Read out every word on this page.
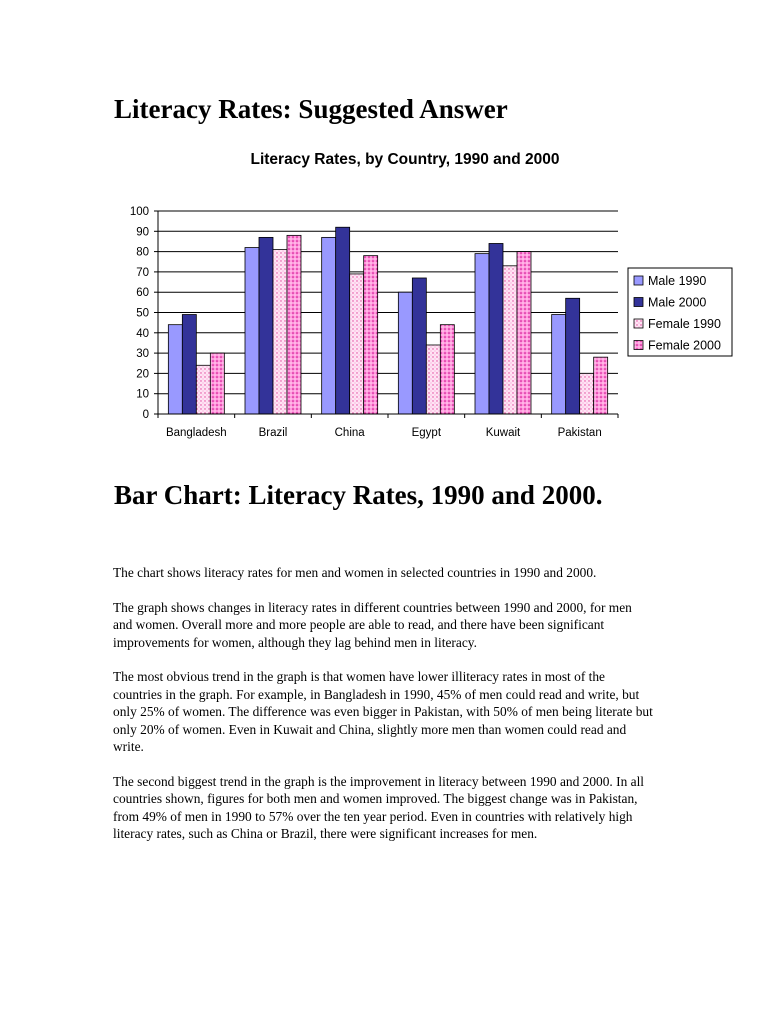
Literacy Rates: Suggested Answer
Literacy Rates, by Country, 1990 and 2000
0
10
20
30
40
50
60
70
80
90
100
Bangladesh	Brazil	China	Egypt	Kuwait	Pakistan
Male 1990
Male 2000
Female 1990
Female 2000
Bar Chart: Literacy Rates, 1990 and 2000.

The chart shows literacy rates for men and women in selected countries in 1990 and 2000.

The graph shows changes in literacy rates in different countries between 1990 and 2000, for men and women. Overall more and more people are able to read, and there have been significant improvements for women, although they lag behind men in literacy.

The most obvious trend in the graph is that women have lower illiteracy rates in most of the countries in the graph. For example, in Bangladesh in 1990, 45% of men could read and write, but only 25% of women. The difference was even bigger in Pakistan, with 50% of men being literate but only 20% of women. Even in Kuwait and China, slightly more men than women could read and write.

The second biggest trend in the graph is the improvement in literacy between 1990 and 2000. In all countries shown, figures for both men and women improved. The biggest change was in Pakistan, from 49% of men in 1990 to 57% over the ten year period. Even in countries with relatively high literacy rates, such as China or Brazil, there were significant increases for men.
